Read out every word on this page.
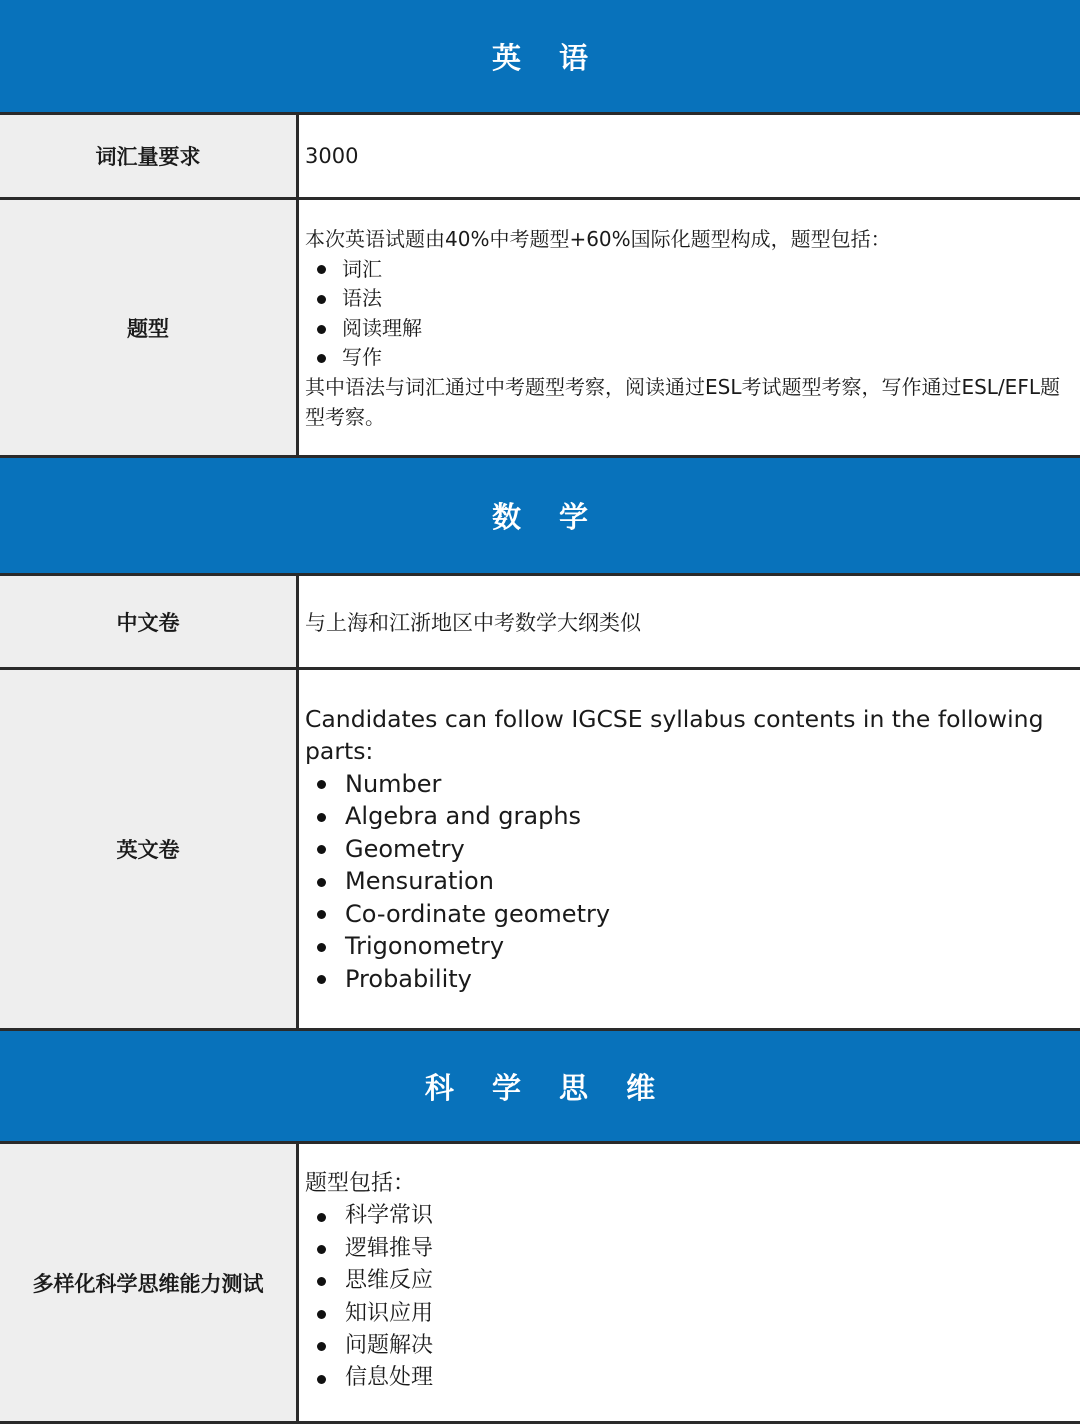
英 语
词汇量要求	3000
题型
本次英语试题由40%中考题型+60%国际化题型构成，题型包括：
词汇
语法
阅读理解
写作
其中语法与词汇通过中考题型考察，阅读通过ESL考试题型考察，写作通过ESL/EFL题型考察。
数 学
中文卷	与上海和江浙地区中考数学大纲类似
英文卷
Candidates can follow IGCSE syllabus contents in the following parts:
Number
Algebra and graphs
Geometry
Mensuration
Co-ordinate geometry
Trigonometry
Probability
科 学 思 维
多样化科学思维能力测试
题型包括：
科学常识
逻辑推导
思维反应
知识应用
问题解决
信息处理
